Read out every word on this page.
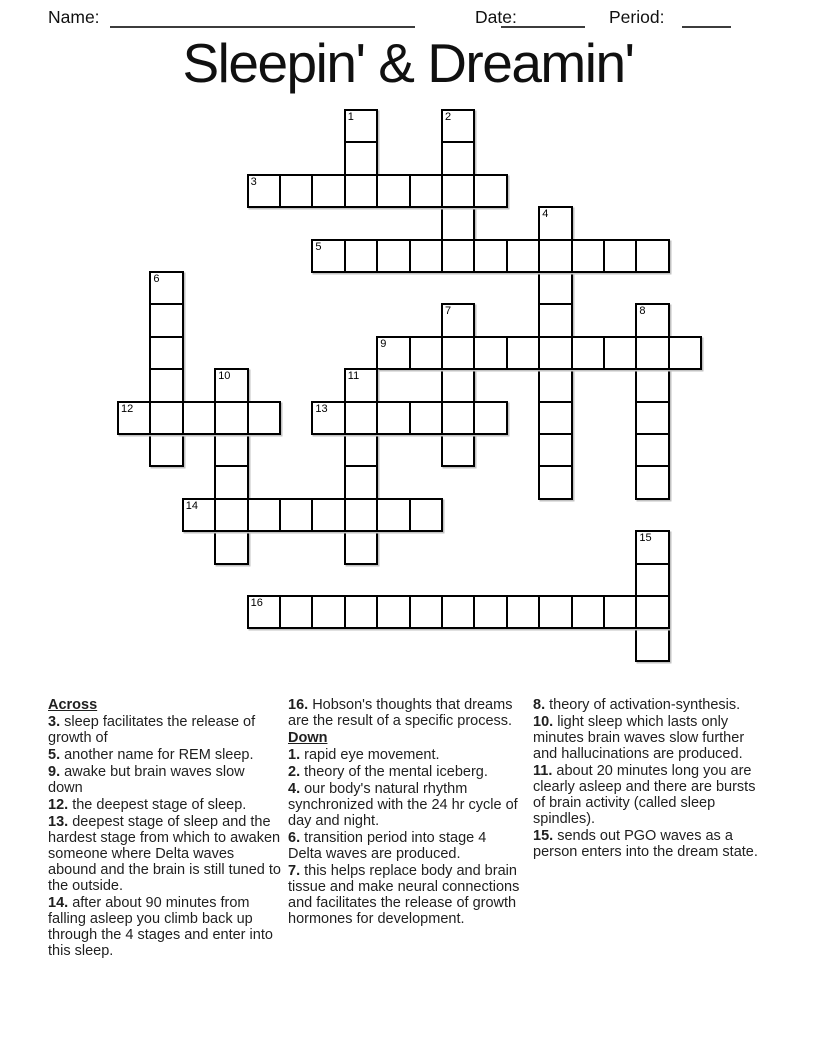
Name:	Date:	Period:
Sleepin' & Dreamin'
1	2
3
4
5
6
7	8
9
10	11
12	13
14
15
16
Across

3. sleep facilitates the release of growth of

5. another name for REM sleep.

9. awake but brain waves slow down

12. the deepest stage of sleep.

13. deepest stage of sleep and the hardest stage from which to awaken someone where Delta waves abound and the brain is still tuned to the outside.

14. after about 90 minutes from falling asleep you climb back up through the 4 stages and enter into this sleep.

16. Hobson's thoughts that dreams are the result of a specific process.

Down

1. rapid eye movement.

2. theory of the mental iceberg.

4. our body's natural rhythm synchronized with the 24 hr cycle of day and night.

6. transition period into stage 4 Delta waves are produced.

7. this helps replace body and brain tissue and make neural connections and facilitates the release of growth hormones for development.

8. theory of activation-synthesis.

10. light sleep which lasts only minutes brain waves slow further and hallucinations are produced.

11. about 20 minutes long you are clearly asleep and there are bursts of brain activity (called sleep spindles).

15. sends out PGO waves as a person enters into the dream state.
